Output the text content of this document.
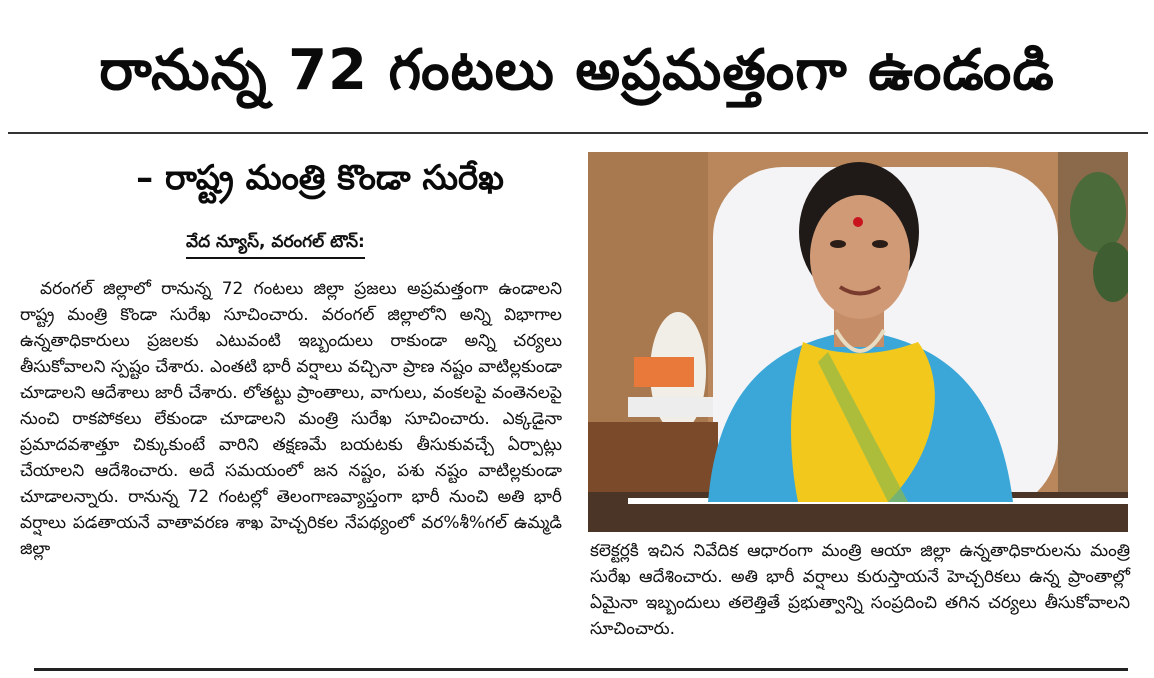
రానున్న 72 గంటలు అప్రమత్తంగా ఉండండి
– రాష్ట్ర మంత్రి కొండా సురేఖ
వేద న్యూస్, వరంగల్ టౌన్:

వరంగల్ జిల్లాలో రానున్న 72 గంటలు జిల్లా ప్రజలు అప్రమత్తంగా ఉండాలని రాష్ట్ర మంత్రి కొండా సురేఖ సూచించారు. వరంగల్ జిల్లాలోని అన్ని విభాగాల ఉన్నతాధికారులు ప్రజలకు ఎటువంటి ఇబ్బందులు రాకుండా అన్ని చర్యలు తీసుకోవాలని స్పష్టం చేశారు. ఎంతటి భారీ వర్షాలు వచ్చినా ప్రాణ నష్టం వాటిల్లకుండా చూడాలని ఆదేశాలు జారీ చేశారు. లోతట్టు ప్రాంతాలు, వాగులు, వంకలపై వంతెనలపై నుంచి రాకపోకలు లేకుండా చూడాలని మంత్రి సురేఖ సూచించారు. ఎక్కడైనా ప్రమాదవశాత్తూ చిక్కుకుంటే వారిని తక్షణమే బయటకు తీసుకువచ్చే ఏర్పాట్లు చేయాలని ఆదేశించారు. అదే సమయంలో జన నష్టం, పశు నష్టం వాటిల్లకుండా చూడాలన్నారు. రానున్న 72 గంటల్లో తెలంగాణవ్యాప్తంగా భారీ నుంచి అతి భారీ వర్షాలు పడతాయనే వాతావరణ శాఖ హెచ్చరికల నేపథ్యంలో వర%శీ%గల్ ఉమ్మడి జిల్లా	కలెక్టర్లకి ఇచిన నివేదిక ఆధారంగా మంత్రి ఆయా జిల్లా ఉన్నతాధికారులను మంత్రి సురేఖ ఆదేశించారు. అతి భారీ వర్షాలు కురుస్తాయనే హెచ్చరికలు ఉన్న ప్రాంతాల్లో ఏమైనా ఇబ్బందులు తలెత్తితే ప్రభుత్వాన్ని సంప్రదించి తగిన చర్యలు తీసుకోవాలని సూచించారు.
